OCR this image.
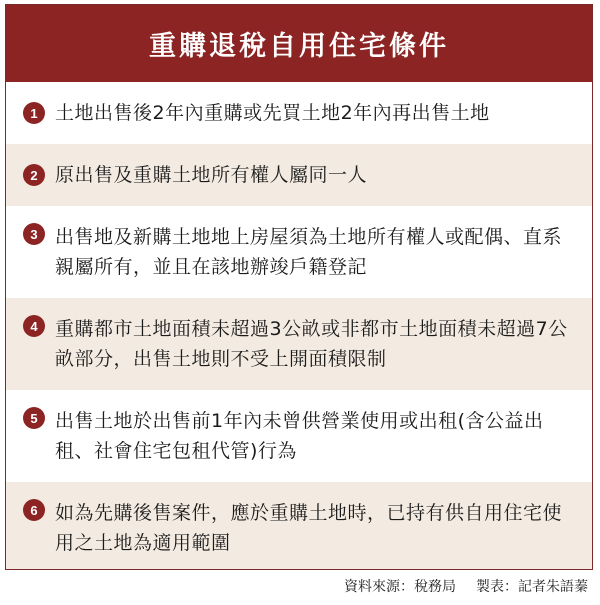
重購退稅自用住宅條件
1 土地出售後2年內重購或先買土地2年內再出售土地
2 原出售及重購土地所有權人屬同一人
3 出售地及新購土地地上房屋須為土地所有權人或配偶、直系親屬所有，並且在該地辦竣戶籍登記
4 重購都市土地面積未超過3公畝或非都市土地面積未超過7公畝部分，出售土地則不受上開面積限制
5 出售土地於出售前1年內未曾供營業使用或出租(含公益出租、社會住宅包租代管)行為
6 如為先購後售案件，應於重購土地時，已持有供自用住宅使用之土地為適用範圍
資料來源：稅務局 製表：記者朱語蓁
